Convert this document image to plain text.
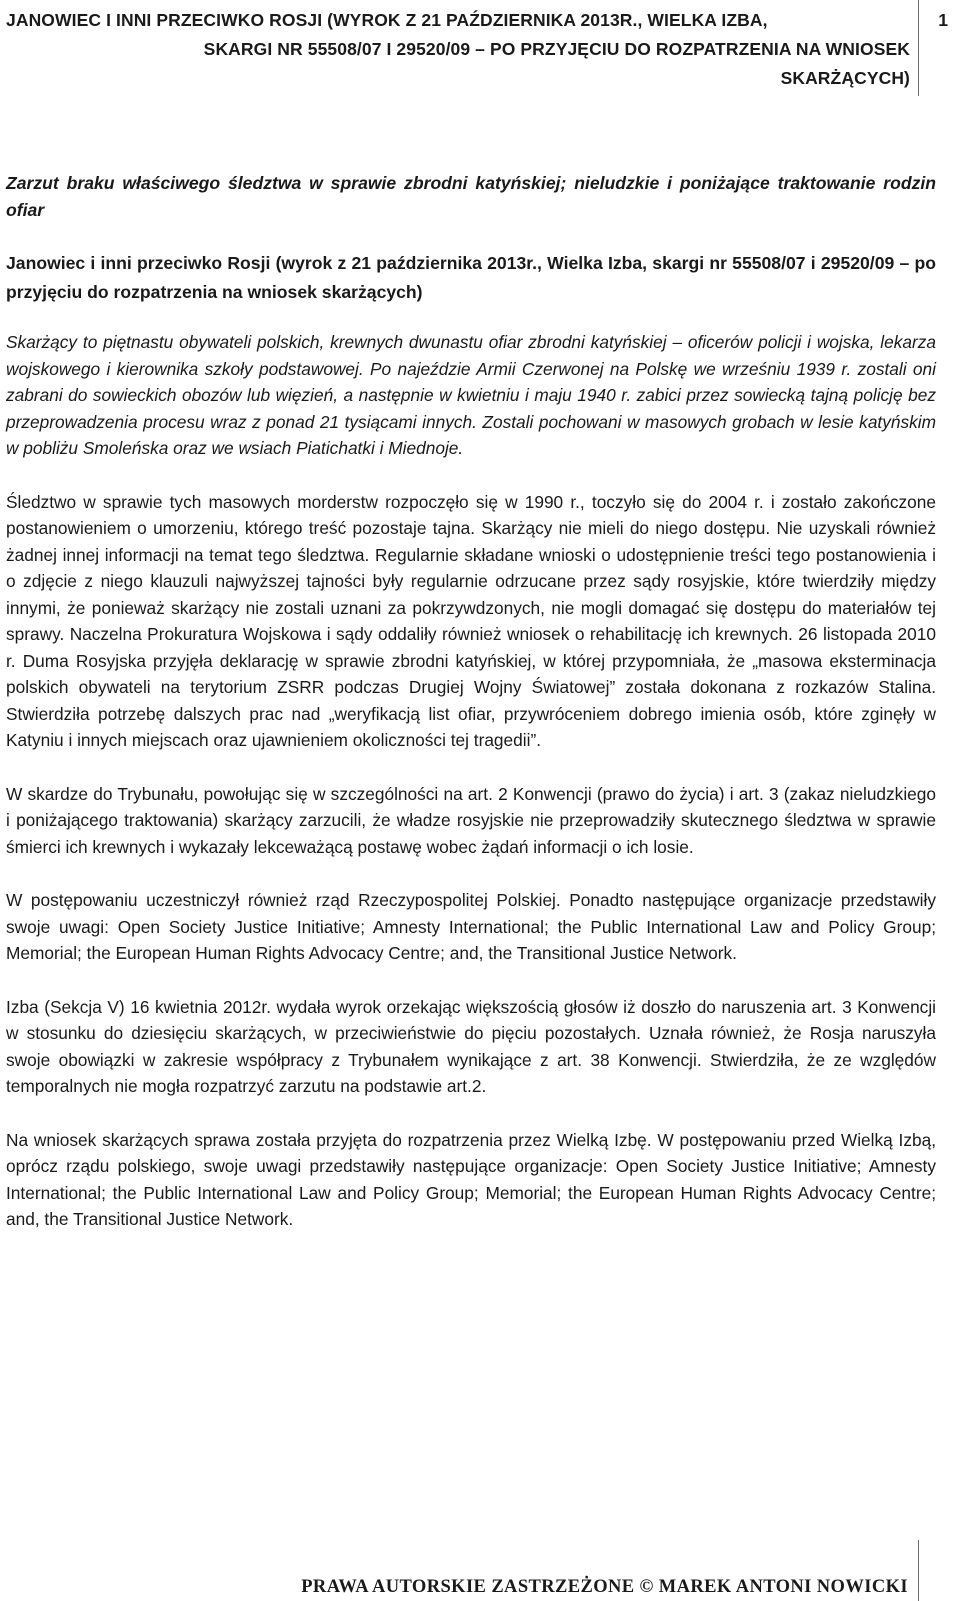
JANOWIEC I INNI PRZECIWKO ROSJI (WYROK Z 21 PAŹDZIERNIKA 2013R., WIELKA IZBA,
SKARGI NR 55508/07 I 29520/09 – PO PRZYJĘCIU DO ROZPATRZENIA NA WNIOSEK
SKARŻĄCYCH)
1

Zarzut braku właściwego śledztwa w sprawie zbrodni katyńskiej; nieludzkie i poniżające traktowanie rodzin ofiar

Janowiec i inni przeciwko Rosji (wyrok z 21 października 2013r., Wielka Izba, skargi nr 55508/07 i 29520/09 – po przyjęciu do rozpatrzenia na wniosek skarżących)

Skarżący to piętnastu obywateli polskich, krewnych dwunastu ofiar zbrodni katyńskiej – oficerów policji i wojska, lekarza wojskowego i kierownika szkoły podstawowej. Po najeździe Armii Czerwonej na Polskę we wrześniu 1939 r. zostali oni zabrani do sowieckich obozów lub więzień, a następnie w kwietniu i maju 1940 r. zabici przez sowiecką tajną policję bez przeprowadzenia procesu wraz z ponad 21 tysiącami innych. Zostali pochowani w masowych grobach w lesie katyńskim w pobliżu Smoleńska oraz we wsiach Piatichatki i Miednoje.

Śledztwo w sprawie tych masowych morderstw rozpoczęło się w 1990 r., toczyło się do 2004 r. i zostało zakończone postanowieniem o umorzeniu, którego treść pozostaje tajna. Skarżący nie mieli do niego dostępu. Nie uzyskali również żadnej innej informacji na temat tego śledztwa. Regularnie składane wnioski o udostępnienie treści tego postanowienia i o zdjęcie z niego klauzuli najwyższej tajności były regularnie odrzucane przez sądy rosyjskie, które twierdziły między innymi, że ponieważ skarżący nie zostali uznani za pokrzywdzonych, nie mogli domagać się dostępu do materiałów tej sprawy. Naczelna Prokuratura Wojskowa i sądy oddaliły również wniosek o rehabilitację ich krewnych. 26 listopada 2010 r. Duma Rosyjska przyjęła deklarację w sprawie zbrodni katyńskiej, w której przypomniała, że „masowa eksterminacja polskich obywateli na terytorium ZSRR podczas Drugiej Wojny Światowej” została dokonana z rozkazów Stalina. Stwierdziła potrzebę dalszych prac nad „weryfikacją list ofiar, przywróceniem dobrego imienia osób, które zginęły w Katyniu i innych miejscach oraz ujawnieniem okoliczności tej tragedii”.

W skardze do Trybunału, powołując się w szczególności na art. 2 Konwencji (prawo do życia) i art. 3 (zakaz nieludzkiego i poniżającego traktowania) skarżący zarzucili, że władze rosyjskie nie przeprowadziły skutecznego śledztwa w sprawie śmierci ich krewnych i wykazały lekceważącą postawę wobec żądań informacji o ich losie.

W postępowaniu uczestniczył również rząd Rzeczypospolitej Polskiej. Ponadto następujące organizacje przedstawiły swoje uwagi: Open Society Justice Initiative; Amnesty International; the Public International Law and Policy Group; Memorial; the European Human Rights Advocacy Centre; and, the Transitional Justice Network.

Izba (Sekcja V) 16 kwietnia 2012r. wydała wyrok orzekając większością głosów iż doszło do naruszenia art. 3 Konwencji w stosunku do dziesięciu skarżących, w przeciwieństwie do pięciu pozostałych. Uznała również, że Rosja naruszyła swoje obowiązki w zakresie współpracy z Trybunałem wynikające z art. 38 Konwencji. Stwierdziła, że ze względów temporalnych nie mogła rozpatrzyć zarzutu na podstawie art.2.

Na wniosek skarżących sprawa została przyjęta do rozpatrzenia przez Wielką Izbę. W postępowaniu przed Wielką Izbą, oprócz rządu polskiego, swoje uwagi przedstawiły następujące organizacje: Open Society Justice Initiative; Amnesty International; the Public International Law and Policy Group; Memorial; the European Human Rights Advocacy Centre; and, the Transitional Justice Network.

PRAWA AUTORSKIE ZASTRZEŻONE © MAREK ANTONI NOWICKI
